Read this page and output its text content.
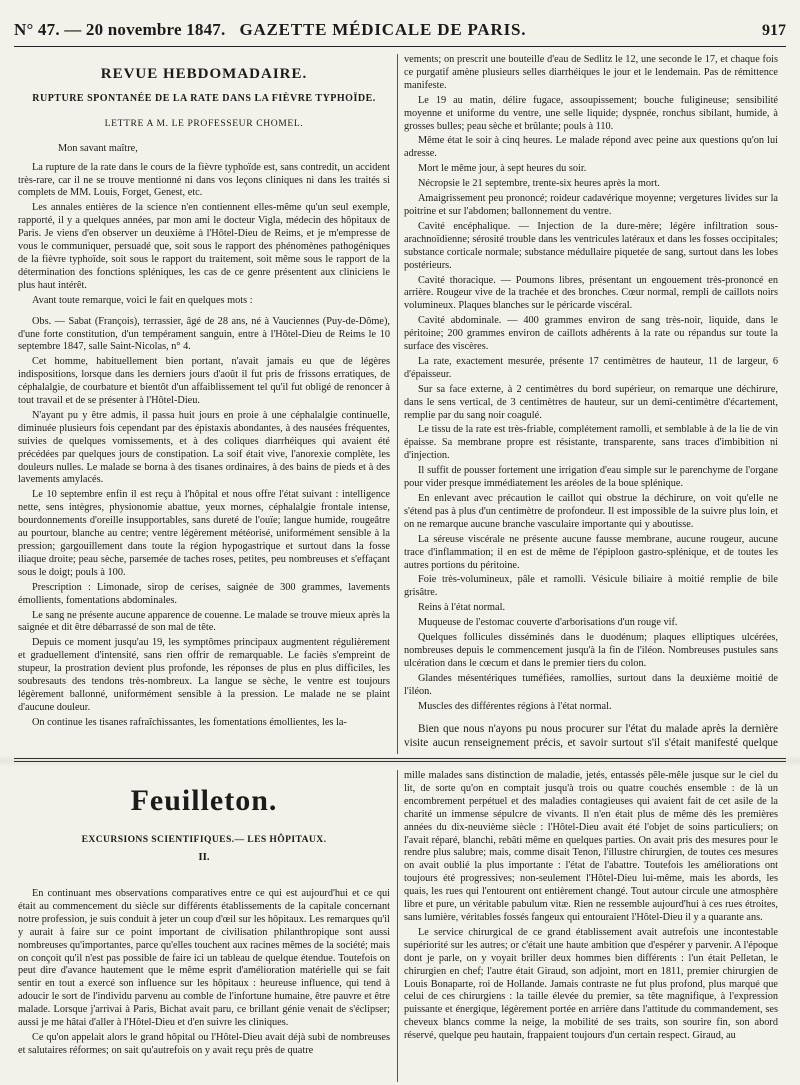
N° 47. — 20 novembre 1847. GAZETTE MÉDICALE DE PARIS.	917
REVUE HEBDOMADAIRE.
RUPTURE SPONTANÉE DE LA RATE DANS LA FIÈVRE TYPHOÏDE.
LETTRE A M. LE PROFESSEUR CHOMEL.

Mon savant maître,

La rupture de la rate dans le cours de la fièvre typhoïde est, sans contredit, un accident très-rare, car il ne se trouve mentionné ni dans vos leçons cliniques ni dans les traités si complets de MM. Louis, Forget, Genest, etc.

Les annales entières de la science n'en contiennent elles-même qu'un seul exemple, rapporté, il y a quelques années, par mon ami le docteur Vigla, médecin des hôpitaux de Paris. Je viens d'en observer un deuxième à l'Hôtel-Dieu de Reims, et je m'empresse de vous le communiquer, persuadé que, soit sous le rapport des phénomènes pathogéniques de la fièvre typhoïde, soit sous le rapport du traitement, soit même sous le rapport de la détermination des fonctions spléniques, les cas de ce genre présentent aux cliniciens le plus haut intérêt.

Avant toute remarque, voici le fait en quelques mots :

Obs. — Sabat (François), terrassier, âgé de 28 ans, né à Vauciennes (Puy-de-Dôme), d'une forte constitution, d'un tempérament sanguin, entre à l'Hôtel-Dieu de Reims le 10 septembre 1847, salle Saint-Nicolas, n° 4.

Cet homme, habituellement bien portant, n'avait jamais eu que de légères indispositions, lorsque dans les derniers jours d'août il fut pris de frissons erratiques, de céphalalgie, de courbature et bientôt d'un affaiblissement tel qu'il fut obligé de renoncer à tout travail et de se présenter à l'Hôtel-Dieu.

N'ayant pu y être admis, il passa huit jours en proie à une céphalalgie continuelle, diminuée plusieurs fois cependant par des épistaxis abondantes, à des nausées fréquentes, suivies de quelques vomissements, et à des coliques diarrhéiques qui avaient été précédées par quelques jours de constipation. La soif était vive, l'anorexie complète, les douleurs nulles. Le malade se borna à des tisanes ordinaires, à des bains de pieds et à des lavements amylacés.

Le 10 septembre enfin il est reçu à l'hôpital et nous offre l'état suivant : intelligence nette, sens intègres, physionomie abattue, yeux mornes, céphalalgie frontale intense, bourdonnements d'oreille insupportables, sans dureté de l'ouïe; langue humide, rougeâtre au pourtour, blanche au centre; ventre légèrement météorisé, uniformément sensible à la pression; gargouillement dans toute la région hypogastrique et surtout dans la fosse iliaque droite; peau sèche, parsemée de taches roses, petites, peu nombreuses et s'effaçant sous le doigt; pouls à 100.

Prescription : Limonade, sirop de cerises, saignée de 300 grammes, lavements émollients, fomentations abdominales.

Le sang ne présente aucune apparence de couenne. Le malade se trouve mieux après la saignée et dit être débarrassé de son mal de tête.

Depuis ce moment jusqu'au 19, les symptômes principaux augmentent régulièrement et graduellement d'intensité, sans rien offrir de remarquable. Le faciès s'empreint de stupeur, la prostration devient plus profonde, les réponses de plus en plus difficiles, les soubresauts des tendons très-nombreux. La langue se sèche, le ventre est toujours légèrement ballonné, uniformément sensible à la pression. Le malade ne se plaint d'aucune douleur.

On continue les tisanes rafraîchissantes, les fomentations émollientes, les la-

vements; on prescrit une bouteille d'eau de Sedlitz le 12, une seconde le 17, et chaque fois ce purgatif amène plusieurs selles diarrhéiques le jour et le lendemain. Pas de rémittence manifeste.

Le 19 au matin, délire fugace, assoupissement; bouche fuligineuse; sensibilité moyenne et uniforme du ventre, une selle liquide; dyspnée, ronchus sibilant, humide, à grosses bulles; peau sèche et brûlante; pouls à 110.

Même état le soir à cinq heures. Le malade répond avec peine aux questions qu'on lui adresse.

Mort le même jour, à sept heures du soir.

Nécropsie le 21 septembre, trente-six heures après la mort.

Amaigrissement peu prononcé; roideur cadavérique moyenne; vergetures livides sur la poitrine et sur l'abdomen; ballonnement du ventre.

Cavité encéphalique. — Injection de la dure-mère; légère infiltration sous-arachnoïdienne; sérosité trouble dans les ventricules latéraux et dans les fosses occipitales; substance corticale normale; substance médullaire piquetée de sang, surtout dans les lobes postérieurs.

Cavité thoracique. — Poumons libres, présentant un engouement très-prononcé en arrière. Rougeur vive de la trachée et des bronches. Cœur normal, rempli de caillots noirs volumineux. Plaques blanches sur le péricarde viscéral.

Cavité abdominale. — 400 grammes environ de sang très-noir, liquide, dans le péritoine; 200 grammes environ de caillots adhérents à la rate ou répandus sur toute la surface des viscères.

La rate, exactement mesurée, présente 17 centimètres de hauteur, 11 de largeur, 6 d'épaisseur.

Sur sa face externe, à 2 centimètres du bord supérieur, on remarque une déchirure, dans le sens vertical, de 3 centimètres de hauteur, sur un demi-centimètre d'écartement, remplie par du sang noir coagulé.

Le tissu de la rate est très-friable, complétement ramolli, et semblable à de la lie de vin épaisse. Sa membrane propre est résistante, transparente, sans traces d'imbibition ni d'injection.

Il suffit de pousser fortement une irrigation d'eau simple sur le parenchyme de l'organe pour vider presque immédiatement les aréoles de la boue splénique.

En enlevant avec précaution le caillot qui obstrue la déchirure, on voit qu'elle ne s'étend pas à plus d'un centimètre de profondeur. Il est impossible de la suivre plus loin, et on ne remarque aucune branche vasculaire importante qui y aboutisse.

La séreuse viscérale ne présente aucune fausse membrane, aucune rougeur, aucune trace d'inflammation; il en est de même de l'épiploon gastro-splénique, et de toutes les autres portions du péritoine.

Foie très-volumineux, pâle et ramolli. Vésicule biliaire à moitié remplie de bile grisâtre.

Reins à l'état normal.

Muqueuse de l'estomac couverte d'arborisations d'un rouge vif.

Quelques follicules disséminés dans le duodénum; plaques elliptiques ulcérées, nombreuses depuis le commencement jusqu'à la fin de l'iléon. Nombreuses pustules sans ulcération dans le cœcum et dans le premier tiers du colon.

Glandes mésentériques tuméfiées, ramollies, surtout dans la deuxième moitié de l'iléon.

Muscles des différentes régions à l'état normal.

Bien que nous n'ayons pu nous procurer sur l'état du malade après la dernière visite aucun renseignement précis, et savoir surtout s'il s'était manifesté quelque

Feuilleton.
EXCURSIONS SCIENTIFIQUES.— LES HÔPITAUX.
II.

En continuant mes observations comparatives entre ce qui est aujourd'hui et ce qui était au commencement du siècle sur différents établissements de la capitale concernant notre profession, je suis conduit à jeter un coup d'œil sur les hôpitaux. Les remarques qu'il y aurait à faire sur ce point important de civilisation philanthropique sont aussi nombreuses qu'importantes, parce qu'elles touchent aux racines mêmes de la société; mais on conçoit qu'il n'est pas possible de faire ici un tableau de quelque étendue. Toutefois on peut dire d'avance hautement que le même esprit d'amélioration matérielle qui se fait sentir en tout a exercé son influence sur les hôpitaux : heureuse influence, qui tend à adoucir le sort de l'individu parvenu au comble de l'infortune humaine, être pauvre et être malade. Lorsque j'arrivai à Paris, Bichat avait paru, ce brillant génie venait de s'éclipser; aussi je me hâtai d'aller à l'Hôtel-Dieu et d'en suivre les cliniques.

Ce qu'on appelait alors le grand hôpital ou l'Hôtel-Dieu avait déjà subi de nombreuses et salutaires réformes; on sait qu'autrefois on y avait reçu près de quatre

mille malades sans distinction de maladie, jetés, entassés pêle-mêle jusque sur le ciel du lit, de sorte qu'on en comptait jusqu'à trois ou quatre couchés ensemble : de là un encombrement perpétuel et des maladies contagieuses qui avaient fait de cet asile de la charité un immense sépulcre de vivants. Il n'en était plus de même dès les premières années du dix-neuvième siècle : l'Hôtel-Dieu avait été l'objet de soins particuliers; on l'avait réparé, blanchi, rebâti même en quelques parties. On avait pris des mesures pour le rendre plus salubre; mais, comme disait Tenon, l'illustre chirurgien, de toutes ces mesures on avait oublié la plus importante : l'état de l'abattre. Toutefois les améliorations ont toujours été progressives; non-seulement l'Hôtel-Dieu lui-même, mais les abords, les quais, les rues qui l'entourent ont entièrement changé. Tout autour circule une atmosphère libre et pure, un véritable pabulum vitæ. Rien ne ressemble aujourd'hui à ces rues étroites, sans lumière, véritables fossés fangeux qui entouraient l'Hôtel-Dieu il y a quarante ans.

Le service chirurgical de ce grand établissement avait autrefois une incontestable supériorité sur les autres; or c'était une haute ambition que d'espérer y parvenir. A l'époque dont je parle, on y voyait briller deux hommes bien différents : l'un était Pelletan, le chirurgien en chef; l'autre était Giraud, son adjoint, mort en 1811, premier chirurgien de Louis Bonaparte, roi de Hollande. Jamais contraste ne fut plus profond, plus marqué que celui de ces chirurgiens : la taille élevée du premier, sa tête magnifique, à l'expression puissante et énergique, légèrement portée en arrière dans l'attitude du commandement, ses cheveux blancs comme la neige, la mobilité de ses traits, son sourire fin, son abord réservé, quelque peu hautain, frappaient toujours d'un certain respect. Giraud, au
